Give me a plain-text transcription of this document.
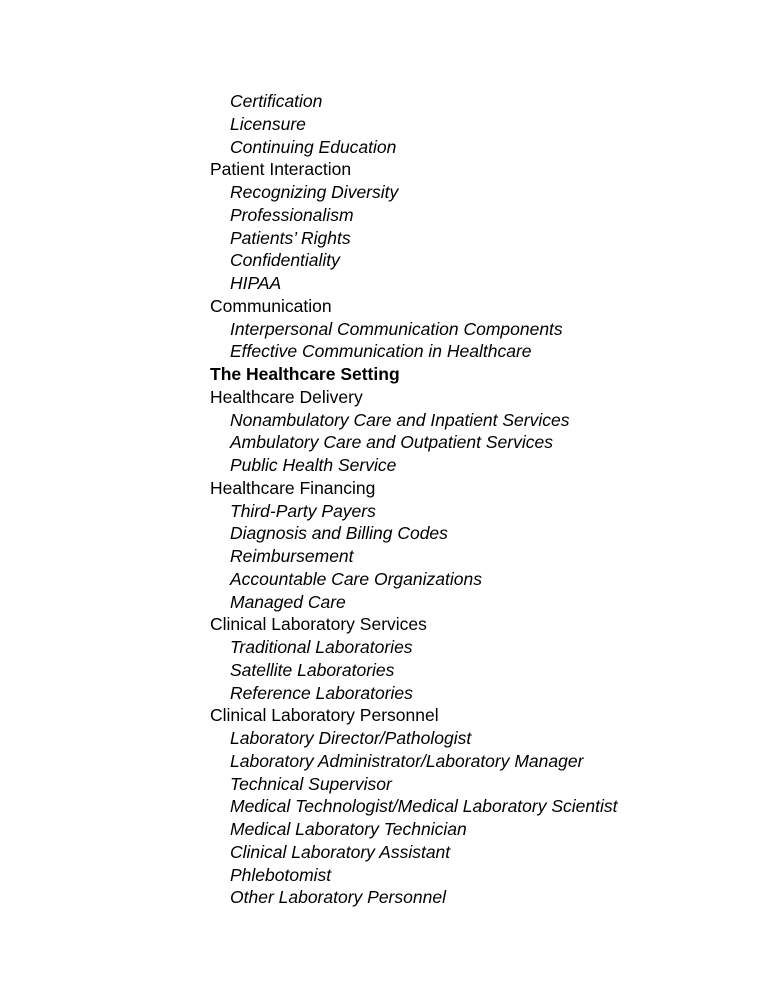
Certification
Licensure
Continuing Education
Patient Interaction
Recognizing Diversity
Professionalism
Patients’ Rights
Confidentiality
HIPAA
Communication
Interpersonal Communication Components
Effective Communication in Healthcare
The Healthcare Setting
Healthcare Delivery
Nonambulatory Care and Inpatient Services
Ambulatory Care and Outpatient Services
Public Health Service
Healthcare Financing
Third-Party Payers
Diagnosis and Billing Codes
Reimbursement
Accountable Care Organizations
Managed Care
Clinical Laboratory Services
Traditional Laboratories
Satellite Laboratories
Reference Laboratories
Clinical Laboratory Personnel
Laboratory Director/Pathologist
Laboratory Administrator/Laboratory Manager
Technical Supervisor
Medical Technologist/Medical Laboratory Scientist
Medical Laboratory Technician
Clinical Laboratory Assistant
Phlebotomist
Other Laboratory Personnel
